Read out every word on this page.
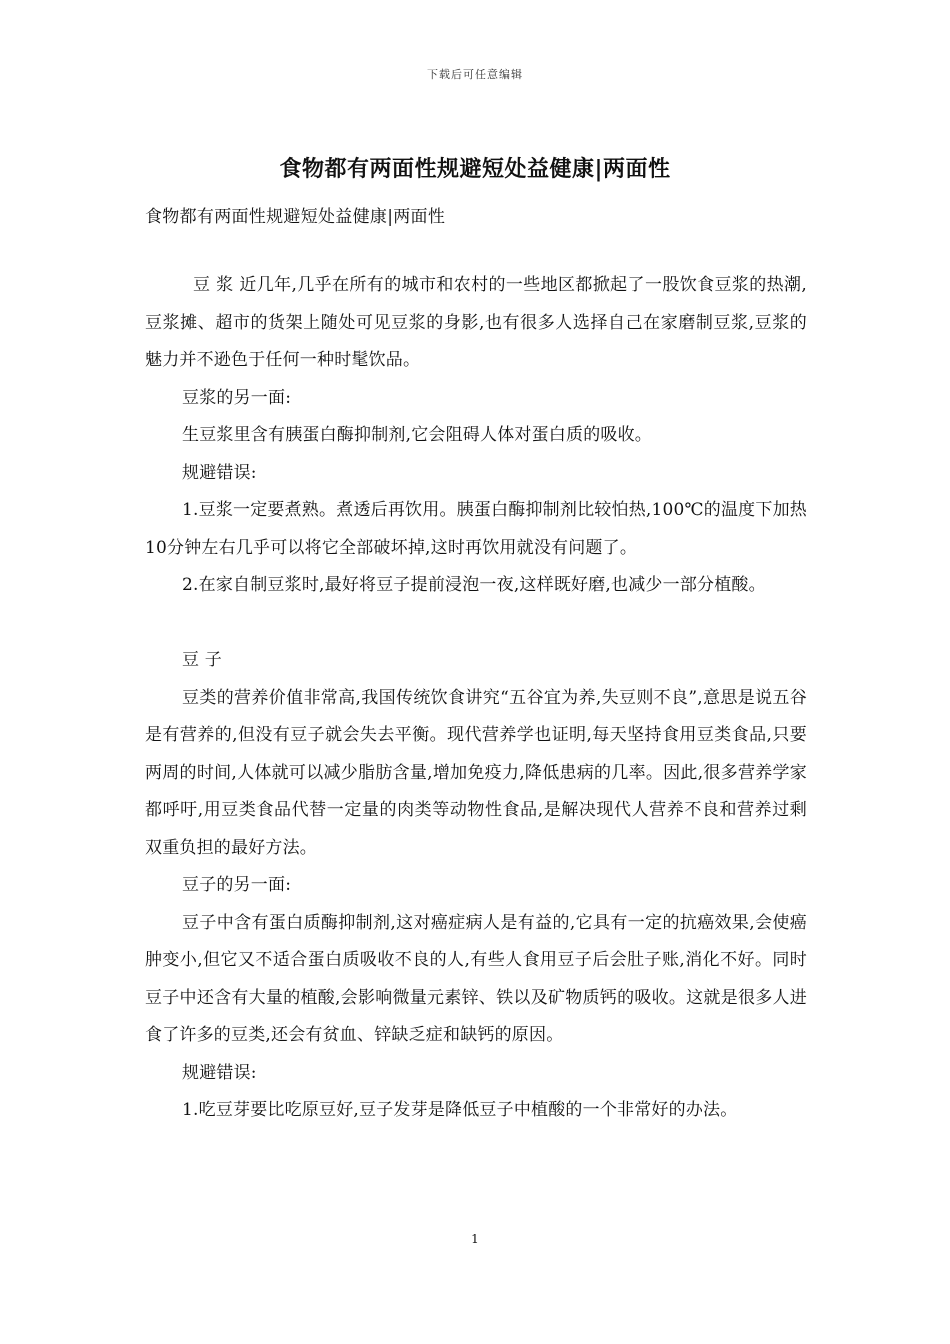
下载后可任意编辑
食物都有两面性规避短处益健康|两面性
食物都有两面性规避短处益健康|两面性

豆 浆 近几年,几乎在所有的城市和农村的一些地区都掀起了一股饮食豆浆的热潮,豆浆摊、超市的货架上随处可见豆浆的身影,也有很多人选择自己在家磨制豆浆,豆浆的魅力并不逊色于任何一种时髦饮品。

豆浆的另一面:

生豆浆里含有胰蛋白酶抑制剂,它会阻碍人体对蛋白质的吸收。

规避错误:

1.豆浆一定要煮熟。煮透后再饮用。胰蛋白酶抑制剂比较怕热,100℃的温度下加热10分钟左右几乎可以将它全部破坏掉,这时再饮用就没有问题了。

2.在家自制豆浆时,最好将豆子提前浸泡一夜,这样既好磨,也减少一部分植酸。

豆 子

豆类的营养价值非常高,我国传统饮食讲究“五谷宜为养,失豆则不良”,意思是说五谷是有营养的,但没有豆子就会失去平衡。现代营养学也证明,每天坚持食用豆类食品,只要两周的时间,人体就可以减少脂肪含量,增加免疫力,降低患病的几率。因此,很多营养学家都呼吁,用豆类食品代替一定量的肉类等动物性食品,是解决现代人营养不良和营养过剩双重负担的最好方法。

豆子的另一面:

豆子中含有蛋白质酶抑制剂,这对癌症病人是有益的,它具有一定的抗癌效果,会使癌肿变小,但它又不适合蛋白质吸收不良的人,有些人食用豆子后会肚子账,消化不好。同时豆子中还含有大量的植酸,会影响微量元素锌、铁以及矿物质钙的吸收。这就是很多人进食了许多的豆类,还会有贫血、锌缺乏症和缺钙的原因。

规避错误:

1.吃豆芽要比吃原豆好,豆子发芽是降低豆子中植酸的一个非常好的办法。

1
